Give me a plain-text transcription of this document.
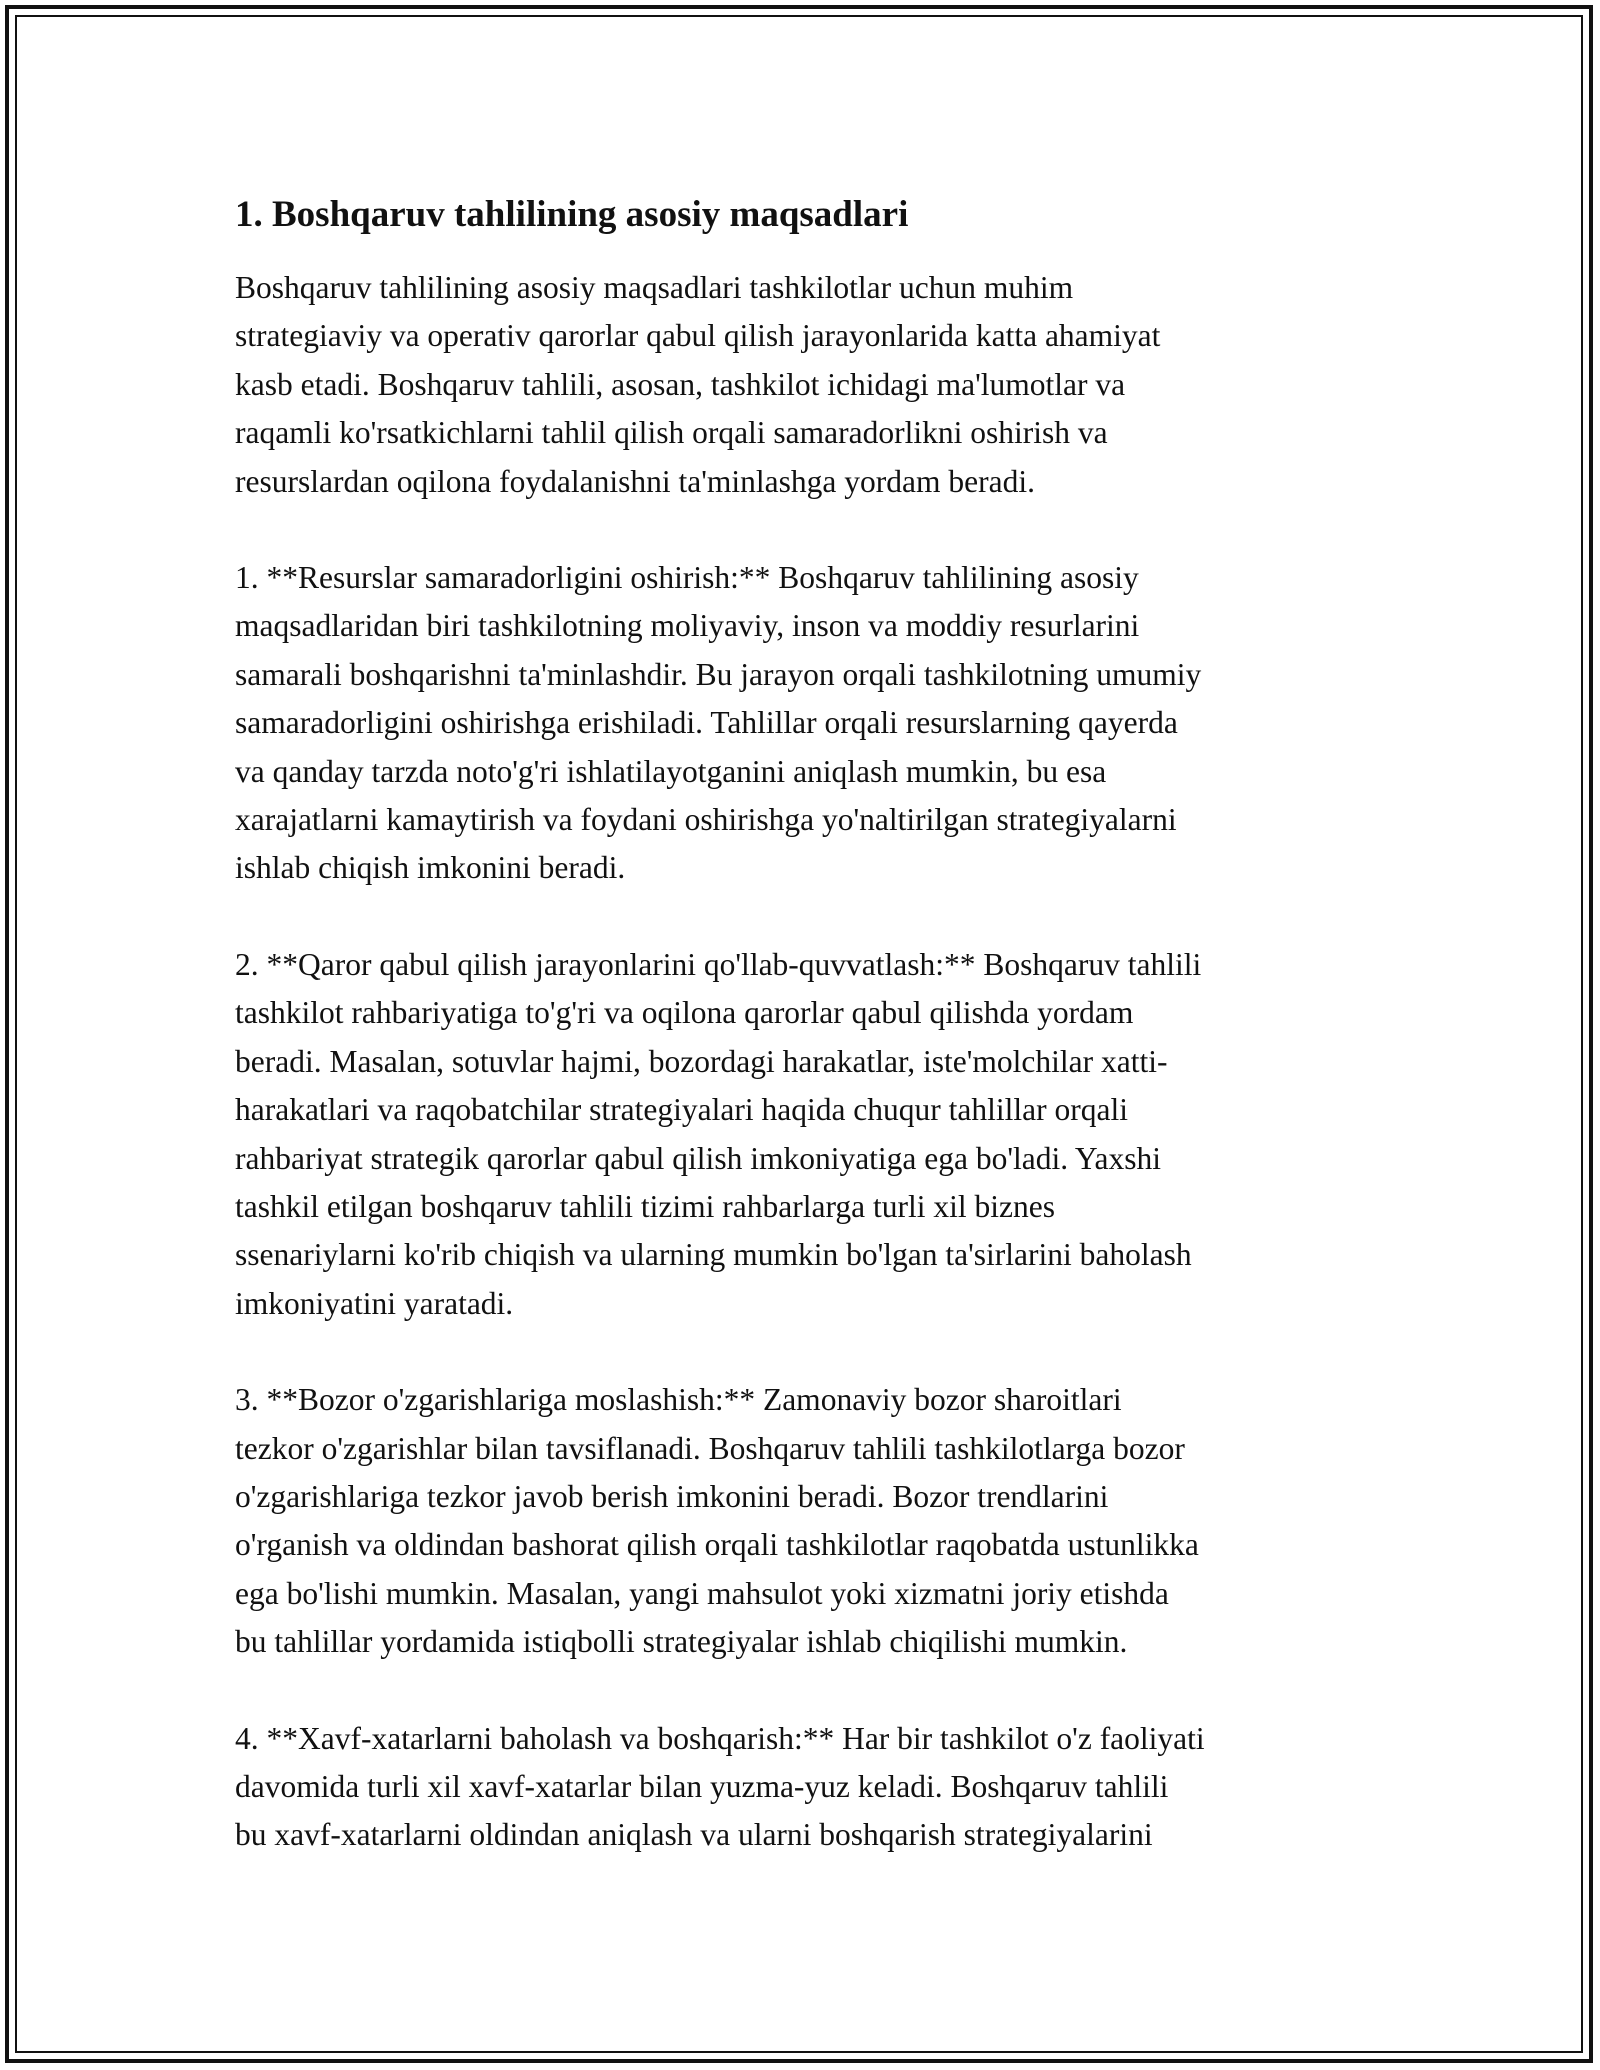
1. Boshqaruv tahlilining asosiy maqsadlari

Boshqaruv tahlilining asosiy maqsadlari tashkilotlar uchun muhim
strategiaviy va operativ qarorlar qabul qilish jarayonlarida katta ahamiyat
kasb etadi. Boshqaruv tahlili, asosan, tashkilot ichidagi ma'lumotlar va
raqamli ko'rsatkichlarni tahlil qilish orqali samaradorlikni oshirish va
resurslardan oqilona foydalanishni ta'minlashga yordam beradi.

1. **Resurslar samaradorligini oshirish:** Boshqaruv tahlilining asosiy
maqsadlaridan biri tashkilotning moliyaviy, inson va moddiy resurlarini
samarali boshqarishni ta'minlashdir. Bu jarayon orqali tashkilotning umumiy
samaradorligini oshirishga erishiladi. Tahlillar orqali resurslarning qayerda
va qanday tarzda noto'g'ri ishlatilayotganini aniqlash mumkin, bu esa
xarajatlarni kamaytirish va foydani oshirishga yo'naltirilgan strategiyalarni
ishlab chiqish imkonini beradi.

2. **Qaror qabul qilish jarayonlarini qo'llab-quvvatlash:** Boshqaruv tahlili
tashkilot rahbariyatiga to'g'ri va oqilona qarorlar qabul qilishda yordam
beradi. Masalan, sotuvlar hajmi, bozordagi harakatlar, iste'molchilar xatti-
harakatlari va raqobatchilar strategiyalari haqida chuqur tahlillar orqali
rahbariyat strategik qarorlar qabul qilish imkoniyatiga ega bo'ladi. Yaxshi
tashkil etilgan boshqaruv tahlili tizimi rahbarlarga turli xil biznes
ssenariylarni ko'rib chiqish va ularning mumkin bo'lgan ta'sirlarini baholash
imkoniyatini yaratadi.

3. **Bozor o'zgarishlariga moslashish:** Zamonaviy bozor sharoitlari
tezkor o'zgarishlar bilan tavsiflanadi. Boshqaruv tahlili tashkilotlarga bozor
o'zgarishlariga tezkor javob berish imkonini beradi. Bozor trendlarini
o'rganish va oldindan bashorat qilish orqali tashkilotlar raqobatda ustunlikka
ega bo'lishi mumkin. Masalan, yangi mahsulot yoki xizmatni joriy etishda
bu tahlillar yordamida istiqbolli strategiyalar ishlab chiqilishi mumkin.

4. **Xavf-xatarlarni baholash va boshqarish:** Har bir tashkilot o'z faoliyati
davomida turli xil xavf-xatarlar bilan yuzma-yuz keladi. Boshqaruv tahlili
bu xavf-xatarlarni oldindan aniqlash va ularni boshqarish strategiyalarini
